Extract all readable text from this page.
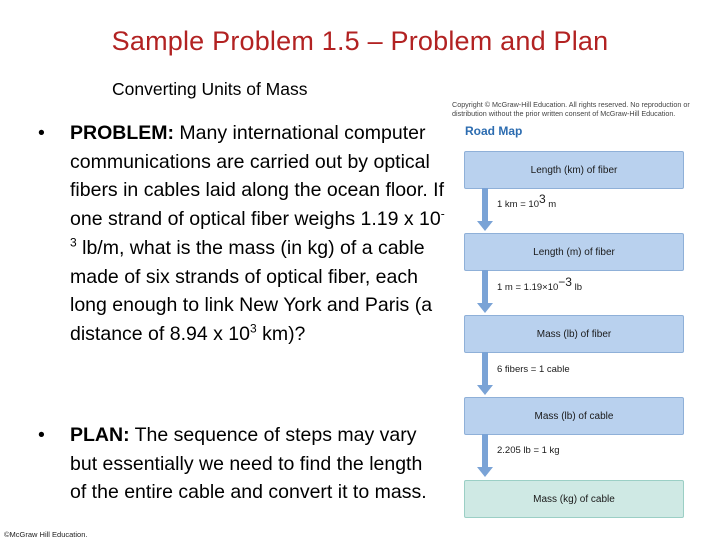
Sample Problem 1.5 – Problem and Plan
Converting Units of Mass
• PROBLEM: Many international computer communications are carried out by optical fibers in cables laid along the ocean floor. If one strand of optical fiber weighs 1.19 x $10^{-3}$ lb/m, what is the mass (in kg) of a cable made of six strands of optical fiber, each long enough to link New York and Paris (a distance of 8.94 x $10^3$ km)?
• PLAN: The sequence of steps may vary but essentially we need to find the length of the entire cable and convert it to mass.
©McGraw Hill Education.
Copyright © McGraw-Hill Education. All rights reserved. No reproduction or distribution without the prior written consent of McGraw-Hill Education.
Road Map
Length (km) of fiber
1 km = 103 m
Length (m) of fiber
1 m = 1.19×10−3 lb
Mass (lb) of fiber
6 fibers = 1 cable
Mass (lb) of cable
2.205 lb = 1 kg
Mass (kg) of cable
